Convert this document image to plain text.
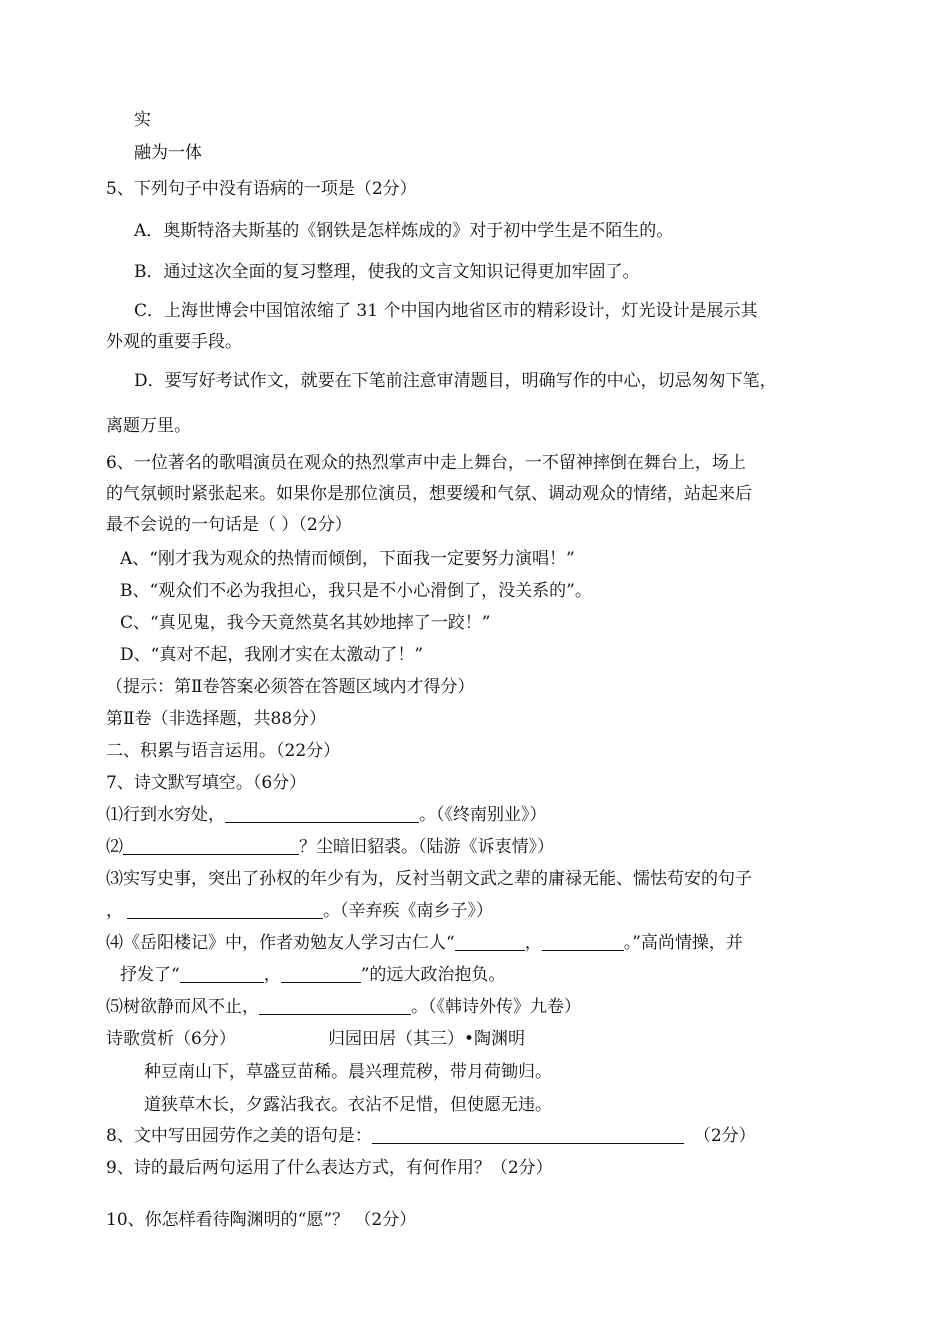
实
融为一体
5、下列句子中没有语病的一项是（2分）
A．奥斯特洛夫斯基的《钢铁是怎样炼成的》对于初中学生是不陌生的。
B．通过这次全面的复习整理，使我的文言文知识记得更加牢固了。
C．上海世博会中国馆浓缩了 31 个中国内地省区市的精彩设计，灯光设计是展示其
外观的重要手段。
D．要写好考试作文，就要在下笔前注意审清题目，明确写作的中心，切忌匆匆下笔，
离题万里。
6、一位著名的歌唱演员在观众的热烈掌声中走上舞台，一不留神摔倒在舞台上，场上
的气氛顿时紧张起来。如果你是那位演员，想要缓和气氛、调动观众的情绪，站起来后
最不会说的一句话是（ ）（2分）
A、“刚才我为观众的热情而倾倒，下面我一定要努力演唱！”
B、“观众们不必为我担心，我只是不小心滑倒了，没关系的”。
C、“真见鬼，我今天竟然莫名其妙地摔了一跤！”
D、“真对不起，我刚才实在太激动了！”
（提示：第Ⅱ卷答案必须答在答题区域内才得分）
第Ⅱ卷（非选择题，共88分）
二、积累与语言运用。（22分）
7、诗文默写填空。（6分）
⑴行到水穷处，	。（《终南别业》）
⑵	？尘暗旧貂裘。（陆游《诉衷情》）
⑶实写史事，突出了孙权的年少有为，反衬当朝文武之辈的庸禄无能、懦怯苟安的句子
，	。（辛弃疾《南乡子》）
⑷《岳阳楼记》中，作者劝勉友人学习古仁人“	，	。”高尚情操，并
抒发了“	，	”的远大政治抱负。
⑸树欲静而风不止，	。（《韩诗外传》九卷）
诗歌赏析（6分）	归园田居（其三）•陶渊明
种豆南山下，草盛豆苗稀。晨兴理荒秽，带月荷锄归。
道狭草木长，夕露沾我衣。衣沾不足惜，但使愿无违。
8、文中写田园劳作之美的语句是：	（2分）
9、诗的最后两句运用了什么表达方式，有何作用？（2分）
10、你怎样看待陶渊明的“愿”？ （2分）
